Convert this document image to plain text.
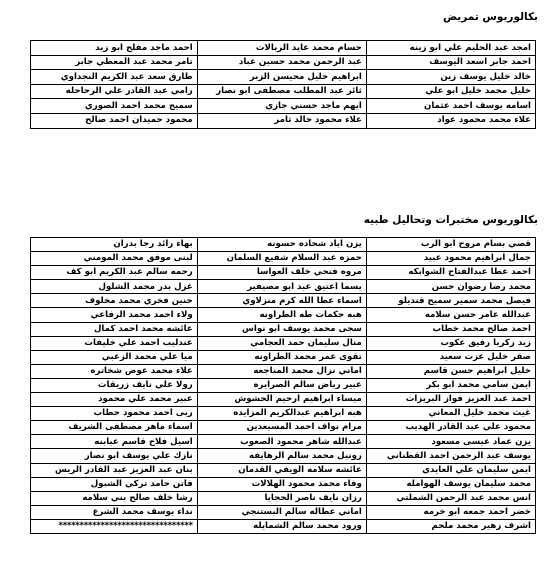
بكالوريوس تمريض
امجد عبد الحليم علي ابو زينه	حسام محمد عايد الريالات	احمد ماجد مفلح ابو زيد
احمد جابر اسعد اليوسف	عبد الرحمن محمد حسين عباد	تامر محمد عبد المعطي جابر
خالد خليل يوسف زين	ابراهيم خليل محيسن الزبر	طارق سعد عبد الكريم النجداوي
خليل محمد خليل ابو علي	ثائر عبد المطلب مصطفى ابو نصار	رامي عبد القادر علي الرحاحله
اسامه يوسف احمد عثمان	ايهم ماجد حسني جازي	سميح محمد احمد الصوري
علاء محمد محمود عواد	علاء محمود خالد ثامر	محمود حميدان احمد صالح
بكالوريوس مختبرات وتحاليل طبيه
قصي بسام مروح ابو الرب	يزن اياد شحاده حسونه	بهاء رائد رجا بدران
جمال ابراهيم محمود عبيد	حمزه عبد السلام شفيع السلمان	لبنى موفق محمد المومني
احمد عطا عبدالفتاح الشوابكه	مروه فتحي خلف العواسا	رحمه سالم عبد الكريم ابو كف
محمد رضا رضوان حسن	يسما اعتيق عبد ابو مصيفير	غزل بدر محمد الشلول
فيصل محمد سمير سميح قنديلو	اسماء عطا الله كرم منزلاوي	حنين فخري محمد مخلوف
عبدالله عامر حسن سلامه	هبه حكمات طه الطراونه	ولاء احمد محمد الرفاعي
احمد صالح محمد خطاب	سجى محمد يوسف ابو نواس	عائشه محمد احمد كمال
زيد زكريا رفيق عكوب	منال سليمان حمد العجامي	عندليب احمد علي خليفات
صقر خليل عزت سعيد	تقوى عمر محمد الطراونه	ميا علي محمد الزعبي
خليل ابراهيم حسن قاسم	اماني نزال محمد المناجعه	علاء محمد عوض شخاتره
ايمن سامي محمد ابو بكر	عبير رياض سالم الصرايره	رولا علي نايف زريقات
احمد عبد العزيز فواز البريزات	ميساء ابراهيم ارحيم الحشوش	عبير محمد علي محمود
غيث محمد خليل المعاني	هبه ابراهيم عبدالكريم المزايده	ربى احمد محمود حطاب
محمود علي عبد القادر الهديب	مرام نواف احمد المسيعدين	اسماء ماهر مصطفى الشريف
يزن عماد عيسى مسعود	عبدالله شاهر محمود الصعوب	اسيل فلاح قاسم عبابنه
يوسف عبد الرحمن احمد القطناني	رونيل محمد سالم الرهايفه	نازك علي يوسف ابو نصار
ايمن سليمان علي العايدي	عائشه سلامه الويفي القدمان	بنان عبد العزيز عبد القادر الريس
محمد سليمان يوسف الهوامله	وفاء محمد محمود الهلالات	فاتن حامد تركي الشبول
انس محمد عبد الرحمن الشملتي	رزان نايف ناصر الحجايا	رشا خلف صالح بني سلامه
خضر احمد جمعه ابو خرمه	اماني عطاله سالم البستنجي	نداء يوسف محمد الشرع
اشرف زهير محمد ملحم	ورود محمد سالم الشمايله	********************************
